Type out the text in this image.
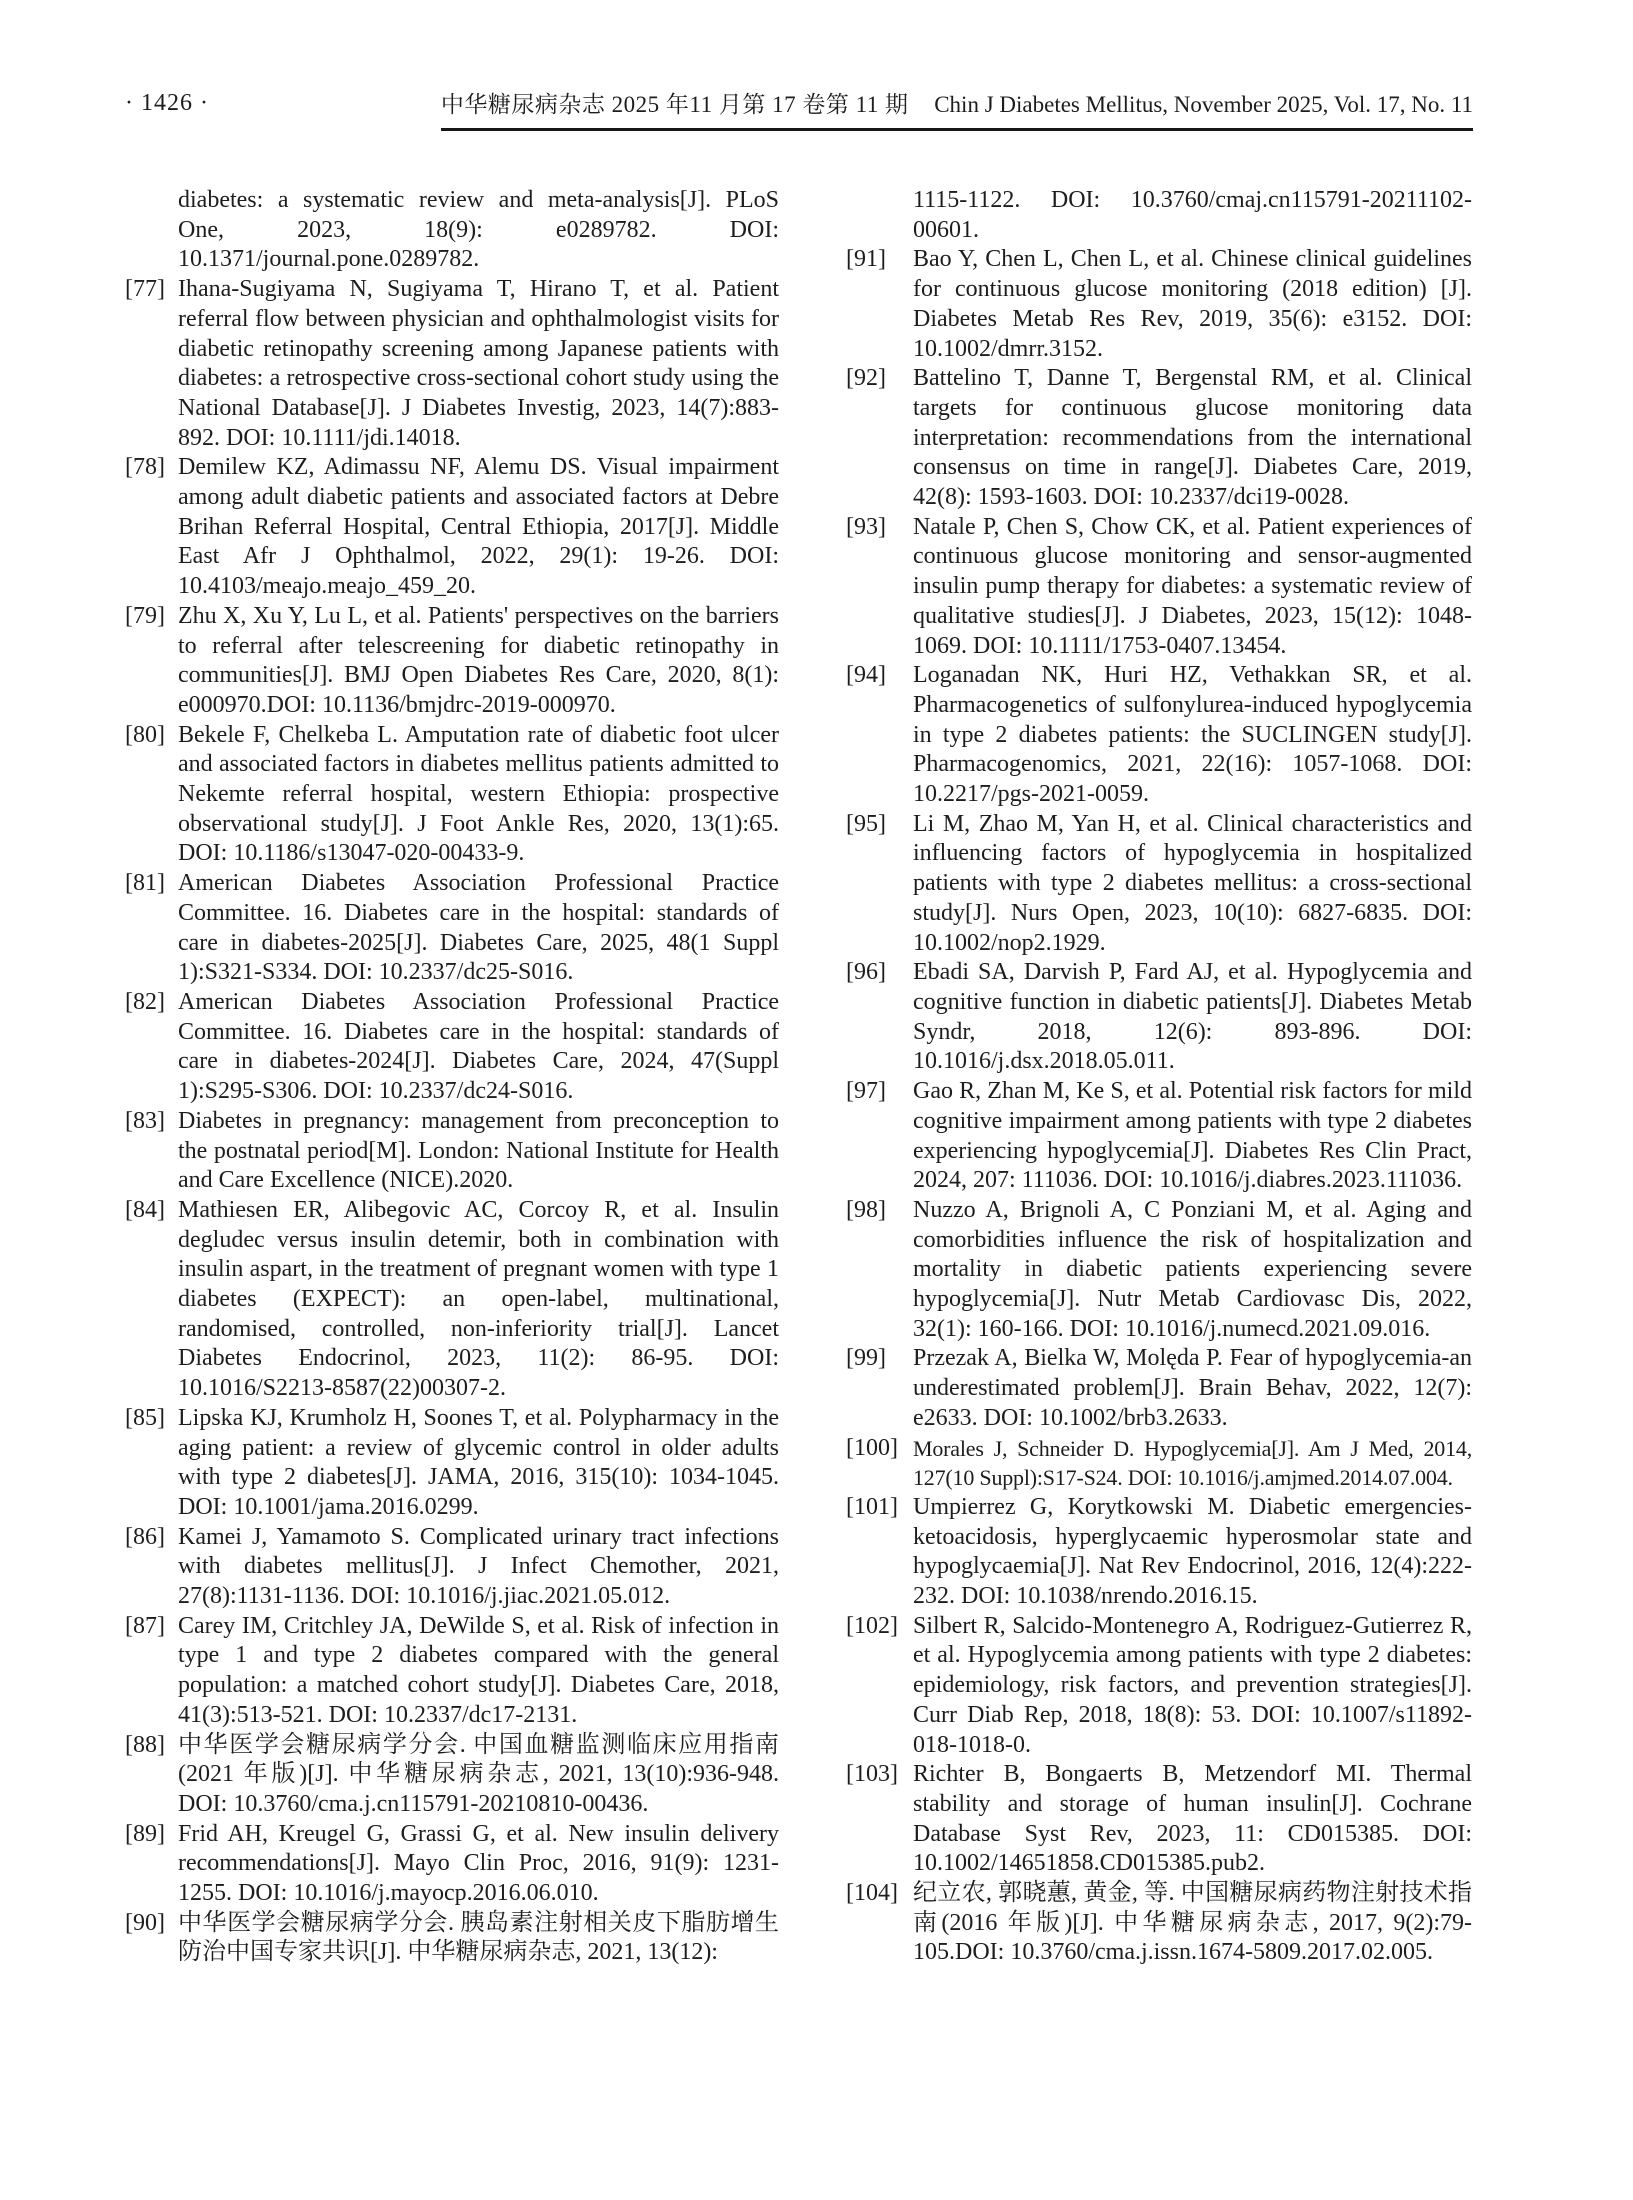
· 1426 ·	中华糖尿病杂志 2025 年11 月第 17 卷第 11 期 Chin J Diabetes Mellitus, November 2025, Vol. 17, No. 11
diabetes: a systematic review and meta-analysis[J]. PLoS One, 2023, 18(9): e0289782. DOI: 10.1371/journal.pone.0289782.
[77] Ihana-Sugiyama N, Sugiyama T, Hirano T, et al. Patient referral flow between physician and ophthalmologist visits for diabetic retinopathy screening among Japanese patients with diabetes: a retrospective cross-sectional cohort study using the National Database[J]. J Diabetes Investig, 2023, 14(7):883-892. DOI: 10.1111/jdi.14018.
[78] Demilew KZ, Adimassu NF, Alemu DS. Visual impairment among adult diabetic patients and associated factors at Debre Brihan Referral Hospital, Central Ethiopia, 2017[J]. Middle East Afr J Ophthalmol, 2022, 29(1): 19-26. DOI: 10.4103/meajo.meajo_459_20.
[79] Zhu X, Xu Y, Lu L, et al. Patients' perspectives on the barriers to referral after telescreening for diabetic retinopathy in communities[J]. BMJ Open Diabetes Res Care, 2020, 8(1): e000970.DOI: 10.1136/bmjdrc-2019-000970.
[80] Bekele F, Chelkeba L. Amputation rate of diabetic foot ulcer and associated factors in diabetes mellitus patients admitted to Nekemte referral hospital, western Ethiopia: prospective observational study[J]. J Foot Ankle Res, 2020, 13(1):65. DOI: 10.1186/s13047-020-00433-9.
[81] American Diabetes Association Professional Practice Committee. 16. Diabetes care in the hospital: standards of care in diabetes-2025[J]. Diabetes Care, 2025, 48(1 Suppl 1):S321-S334. DOI: 10.2337/dc25-S016.
[82] American Diabetes Association Professional Practice Committee. 16. Diabetes care in the hospital: standards of care in diabetes-2024[J]. Diabetes Care, 2024, 47(Suppl 1):S295-S306. DOI: 10.2337/dc24-S016.
[83] Diabetes in pregnancy: management from preconception to the postnatal period[M]. London: National Institute for Health and Care Excellence (NICE).2020.
[84] Mathiesen ER, Alibegovic AC, Corcoy R, et al. Insulin degludec versus insulin detemir, both in combination with insulin aspart, in the treatment of pregnant women with type 1 diabetes (EXPECT): an open-label, multinational, randomised, controlled, non-inferiority trial[J]. Lancet Diabetes Endocrinol, 2023, 11(2): 86-95. DOI: 10.1016/S2213-8587(22)00307-2.
[85] Lipska KJ, Krumholz H, Soones T, et al. Polypharmacy in the aging patient: a review of glycemic control in older adults with type 2 diabetes[J]. JAMA, 2016, 315(10): 1034-1045. DOI: 10.1001/jama.2016.0299.
[86] Kamei J, Yamamoto S. Complicated urinary tract infections with diabetes mellitus[J]. J Infect Chemother, 2021, 27(8):1131-1136. DOI: 10.1016/j.jiac.2021.05.012.
[87] Carey IM, Critchley JA, DeWilde S, et al. Risk of infection in type 1 and type 2 diabetes compared with the general population: a matched cohort study[J]. Diabetes Care, 2018, 41(3):513-521. DOI: 10.2337/dc17-2131.
[88] 中华医学会糖尿病学分会. 中国血糖监测临床应用指南(2021 年版)[J]. 中华糖尿病杂志, 2021, 13(10):936-948. DOI: 10.3760/cma.j.cn115791-20210810-00436.
[89] Frid AH, Kreugel G, Grassi G, et al. New insulin delivery recommendations[J]. Mayo Clin Proc, 2016, 91(9): 1231-1255. DOI: 10.1016/j.mayocp.2016.06.010.
[90] 中华医学会糖尿病学分会. 胰岛素注射相关皮下脂肪增生防治中国专家共识[J]. 中华糖尿病杂志, 2021, 13(12):
1115-1122. DOI: 10.3760/cmaj.cn115791-20211102-00601.
[91]	Bao Y, Chen L, Chen L, et al. Chinese clinical guidelines for continuous glucose monitoring (2018 edition) [J]. Diabetes Metab Res Rev, 2019, 35(6): e3152. DOI: 10.1002/dmrr.3152.
[92]	Battelino T, Danne T, Bergenstal RM, et al. Clinical targets for continuous glucose monitoring data interpretation: recommendations from the international consensus on time in range[J]. Diabetes Care, 2019, 42(8): 1593-1603. DOI: 10.2337/dci19-0028.
[93]	Natale P, Chen S, Chow CK, et al. Patient experiences of continuous glucose monitoring and sensor-augmented insulin pump therapy for diabetes: a systematic review of qualitative studies[J]. J Diabetes, 2023, 15(12): 1048-1069. DOI: 10.1111/1753-0407.13454.
[94]	Loganadan NK, Huri HZ, Vethakkan SR, et al. Pharmacogenetics of sulfonylurea-induced hypoglycemia in type 2 diabetes patients: the SUCLINGEN study[J]. Pharmacogenomics, 2021, 22(16): 1057-1068. DOI: 10.2217/pgs-2021-0059.
[95]	Li M, Zhao M, Yan H, et al. Clinical characteristics and influencing factors of hypoglycemia in hospitalized patients with type 2 diabetes mellitus: a cross-sectional study[J]. Nurs Open, 2023, 10(10): 6827-6835. DOI: 10.1002/nop2.1929.
[96]	Ebadi SA, Darvish P, Fard AJ, et al. Hypoglycemia and cognitive function in diabetic patients[J]. Diabetes Metab Syndr, 2018, 12(6): 893-896. DOI: 10.1016/j.dsx.2018.05.011.
[97]	Gao R, Zhan M, Ke S, et al. Potential risk factors for mild cognitive impairment among patients with type 2 diabetes experiencing hypoglycemia[J]. Diabetes Res Clin Pract, 2024, 207: 111036. DOI: 10.1016/j.diabres.2023.111036.
[98]	Nuzzo A, Brignoli A, C Ponziani M, et al. Aging and comorbidities influence the risk of hospitalization and mortality in diabetic patients experiencing severe hypoglycemia[J]. Nutr Metab Cardiovasc Dis, 2022, 32(1): 160-166. DOI: 10.1016/j.numecd.2021.09.016.
[99]	Przezak A, Bielka W, Molęda P. Fear of hypoglycemia-an underestimated problem[J]. Brain Behav, 2022, 12(7): e2633. DOI: 10.1002/brb3.2633.
[100] Morales J, Schneider D. Hypoglycemia[J]. Am J Med, 2014, 127(10 Suppl):S17-S24. DOI: 10.1016/j.amjmed.2014.07.004.
[101] Umpierrez G, Korytkowski M. Diabetic emergencies-ketoacidosis, hyperglycaemic hyperosmolar state and hypoglycaemia[J]. Nat Rev Endocrinol, 2016, 12(4):222-232. DOI: 10.1038/nrendo.2016.15.
[102] Silbert R, Salcido-Montenegro A, Rodriguez-Gutierrez R, et al. Hypoglycemia among patients with type 2 diabetes: epidemiology, risk factors, and prevention strategies[J]. Curr Diab Rep, 2018, 18(8): 53. DOI: 10.1007/s11892-018-1018-0.
[103] Richter B, Bongaerts B, Metzendorf MI. Thermal stability and storage of human insulin[J]. Cochrane Database Syst Rev, 2023, 11: CD015385. DOI: 10.1002/14651858.CD015385.pub2.
[104] 纪立农, 郭晓蕙, 黄金, 等. 中国糖尿病药物注射技术指南(2016 年版)[J]. 中华糖尿病杂志, 2017, 9(2):79-105.DOI: 10.3760/cma.j.issn.1674-5809.2017.02.005.
